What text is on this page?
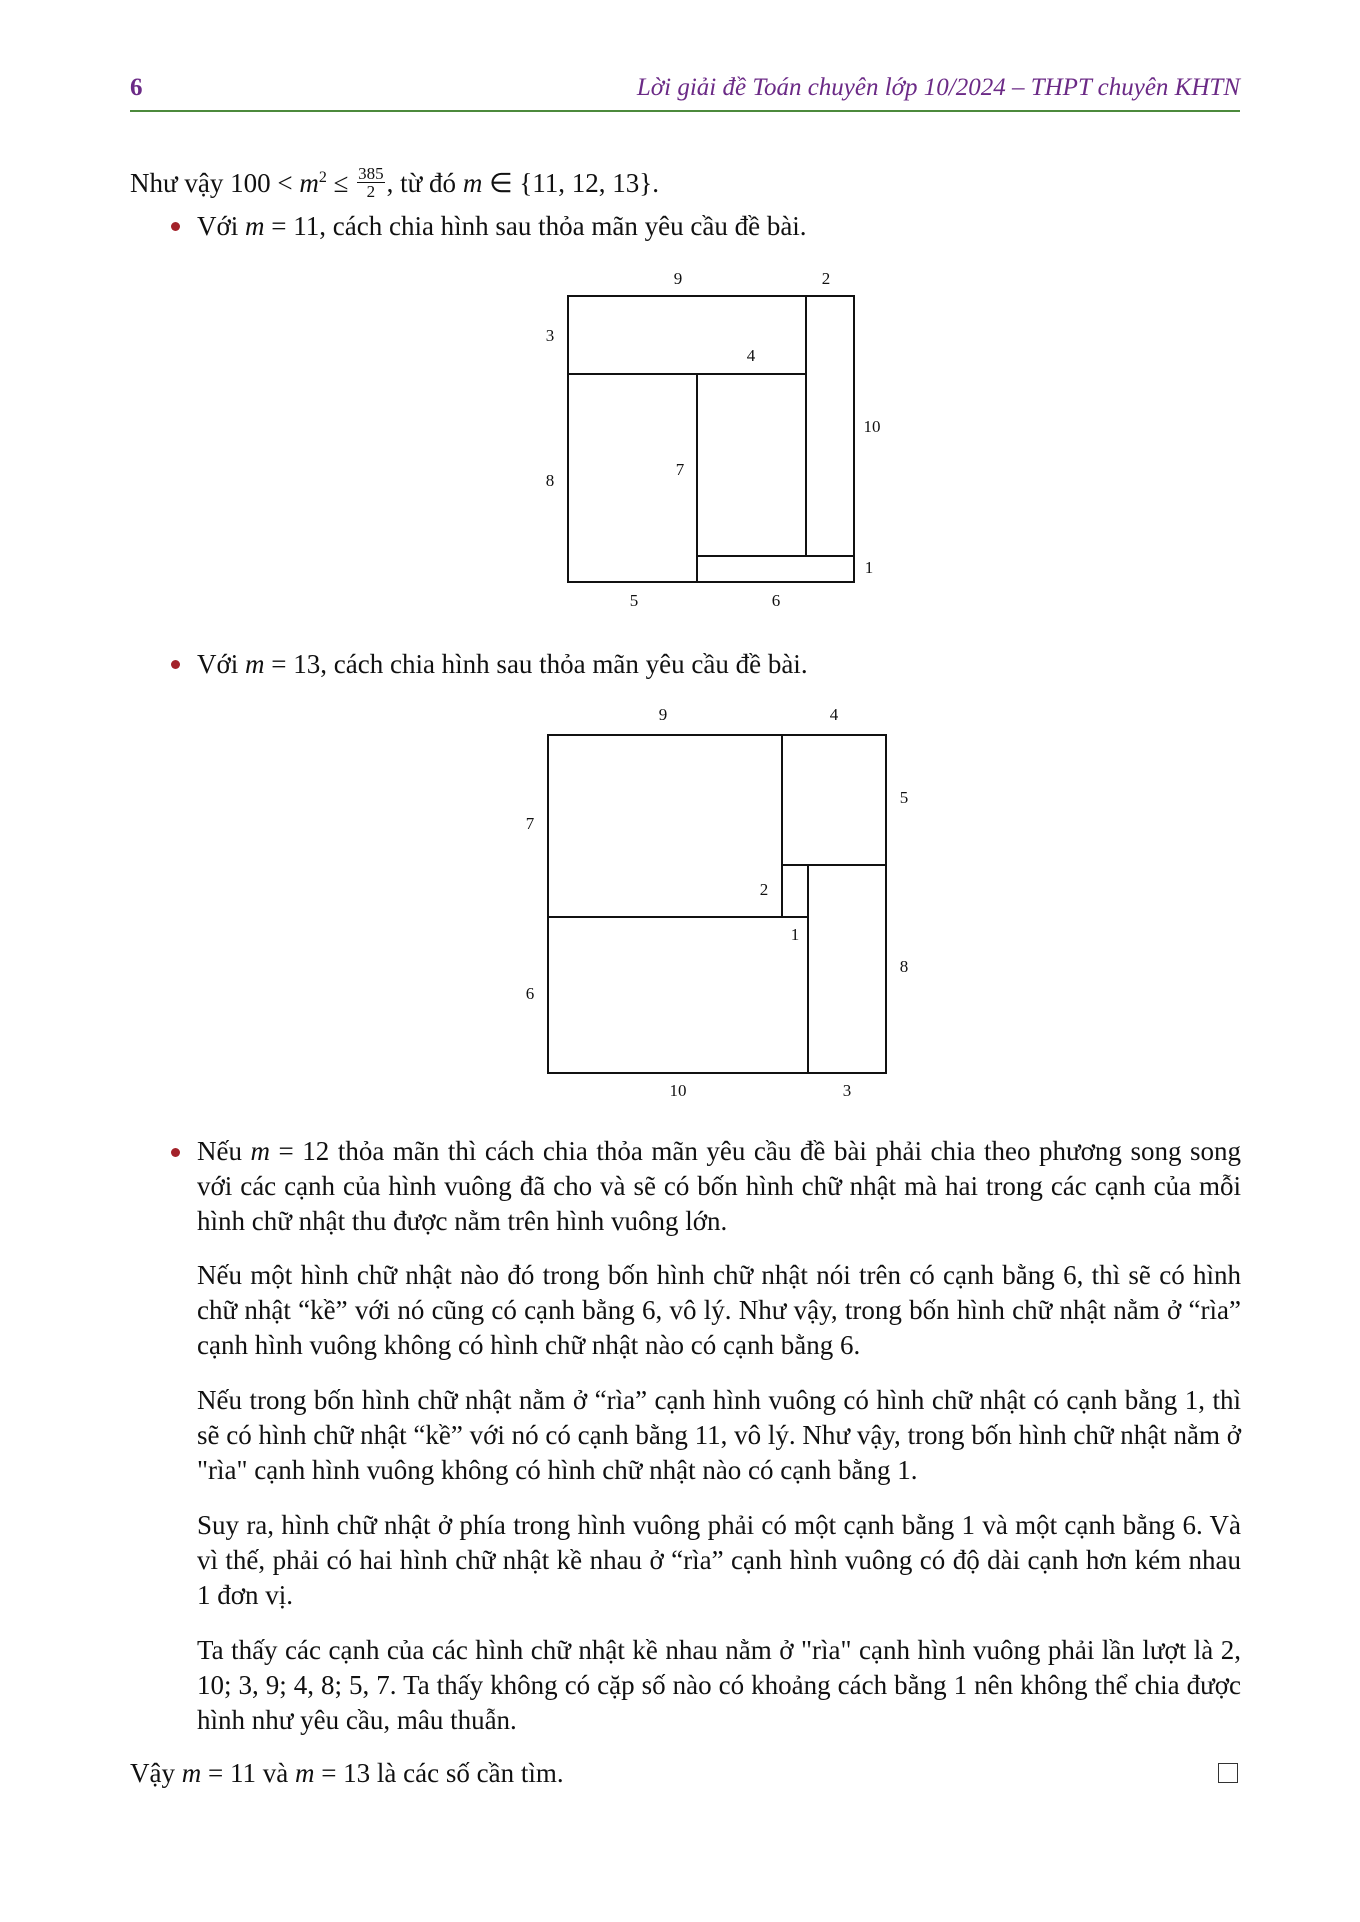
6	Lời giải đề Toán chuyên lớp 10/2024 – THPT chuyên KHTN
Như vậy $100 < m^2 \le \frac{385}{2}$ , từ đó m ∈ {11, 12, 13}.
Với m = 11, cách chia hình sau thỏa mãn yêu cầu đề bài.
9	2
3
4
10
7
8
1
5	6
Với m = 13, cách chia hình sau thỏa mãn yêu cầu đề bài.
9	4
7
5
2
1
8
6
10	3
Nếu m = 12 thỏa mãn thì cách chia thỏa mãn yêu cầu đề bài phải chia theo phương song song với các cạnh của hình vuông đã cho và sẽ có bốn hình chữ nhật mà hai trong các cạnh của mỗi hình chữ nhật thu được nằm trên hình vuông lớn.
Nếu một hình chữ nhật nào đó trong bốn hình chữ nhật nói trên có cạnh bằng 6, thì sẽ có hình chữ nhật “kề” với nó cũng có cạnh bằng 6, vô lý. Như vậy, trong bốn hình chữ nhật nằm ở “rìa” cạnh hình vuông không có hình chữ nhật nào có cạnh bằng 6.
Nếu trong bốn hình chữ nhật nằm ở “rìa” cạnh hình vuông có hình chữ nhật có cạnh bằng 1, thì sẽ có hình chữ nhật “kề” với nó có cạnh bằng 11, vô lý. Như vậy, trong bốn hình chữ nhật nằm ở "rìa" cạnh hình vuông không có hình chữ nhật nào có cạnh bằng 1.
Suy ra, hình chữ nhật ở phía trong hình vuông phải có một cạnh bằng 1 và một cạnh bằng 6. Và vì thế, phải có hai hình chữ nhật kề nhau ở “rìa” cạnh hình vuông có độ dài cạnh hơn kém nhau 1 đơn vị.
Ta thấy các cạnh của các hình chữ nhật kề nhau nằm ở "rìa" cạnh hình vuông phải lần lượt là 2, 10; 3, 9; 4, 8; 5, 7. Ta thấy không có cặp số nào có khoảng cách bằng 1 nên không thể chia được hình như yêu cầu, mâu thuẫn.
Vậy m = 11 và m = 13 là các số cần tìm.
